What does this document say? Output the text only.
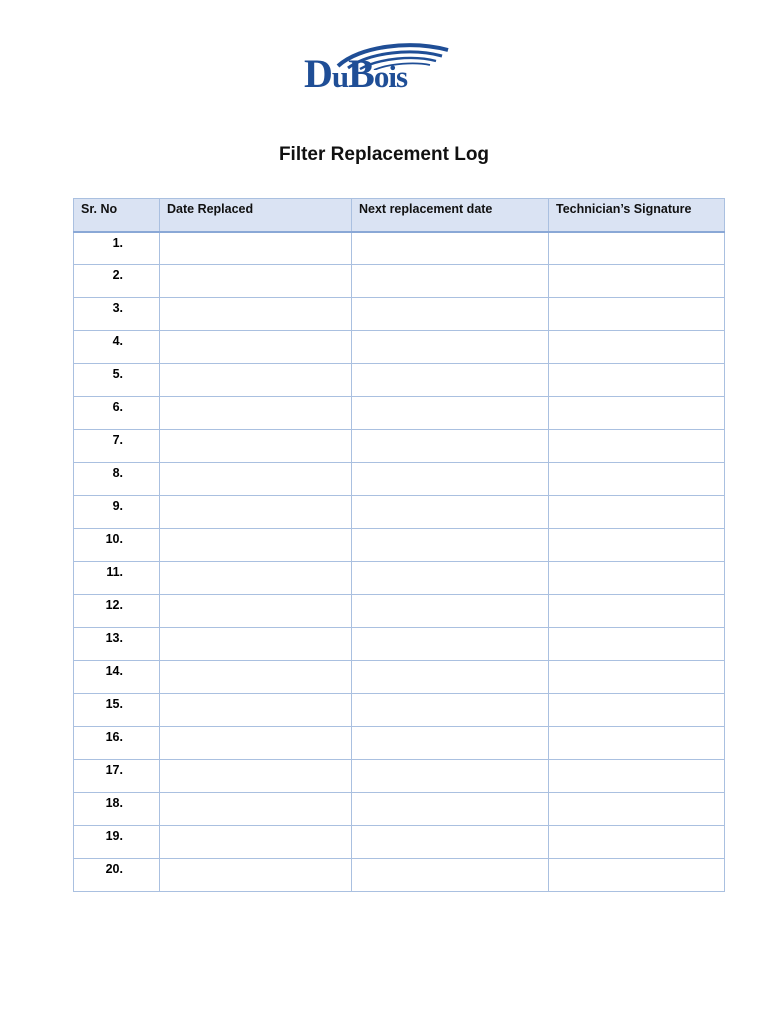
DuBois
Filter Replacement Log
Sr. No	Date Replaced	Next replacement date	Technician’s Signature
1.			
2.			
3.			
4.			
5.			
6.			
7.			
8.			
9.			
10.			
11.			
12.			
13.			
14.			
15.			
16.			
17.			
18.			
19.			
20.			
